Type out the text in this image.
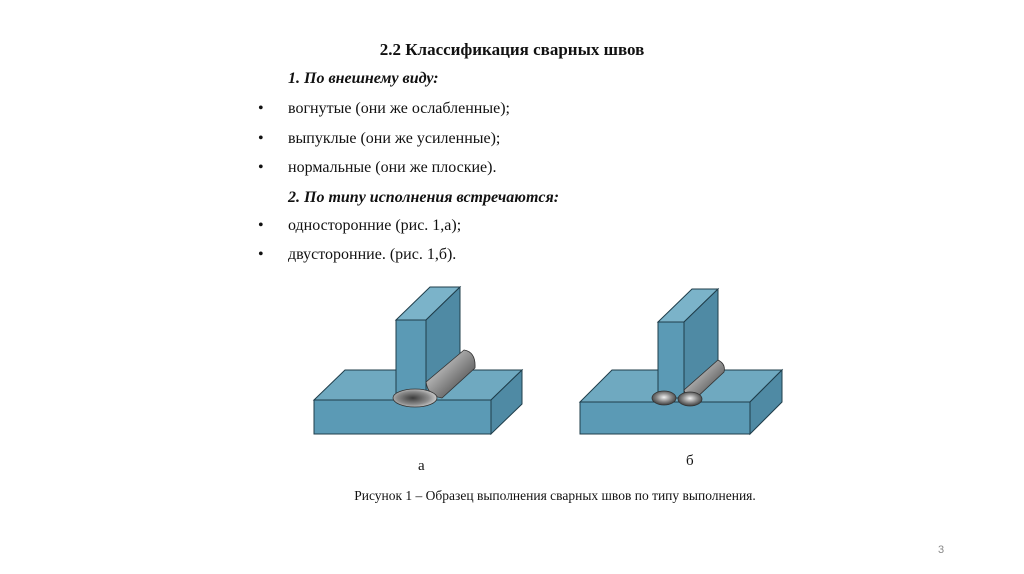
2.2 Классификация сварных швов
1. По внешнему виду:
• вогнутые (они же ослабленные);
• выпуклые (они же усиленные);
• нормальные (они же плоские).
2. По типу исполнения встречаются:
• односторонние (рис. 1,а);
• двусторонние. (рис. 1,б).
а	б
Рисунок 1 – Образец выполнения сварных швов по типу выполнения.
3
